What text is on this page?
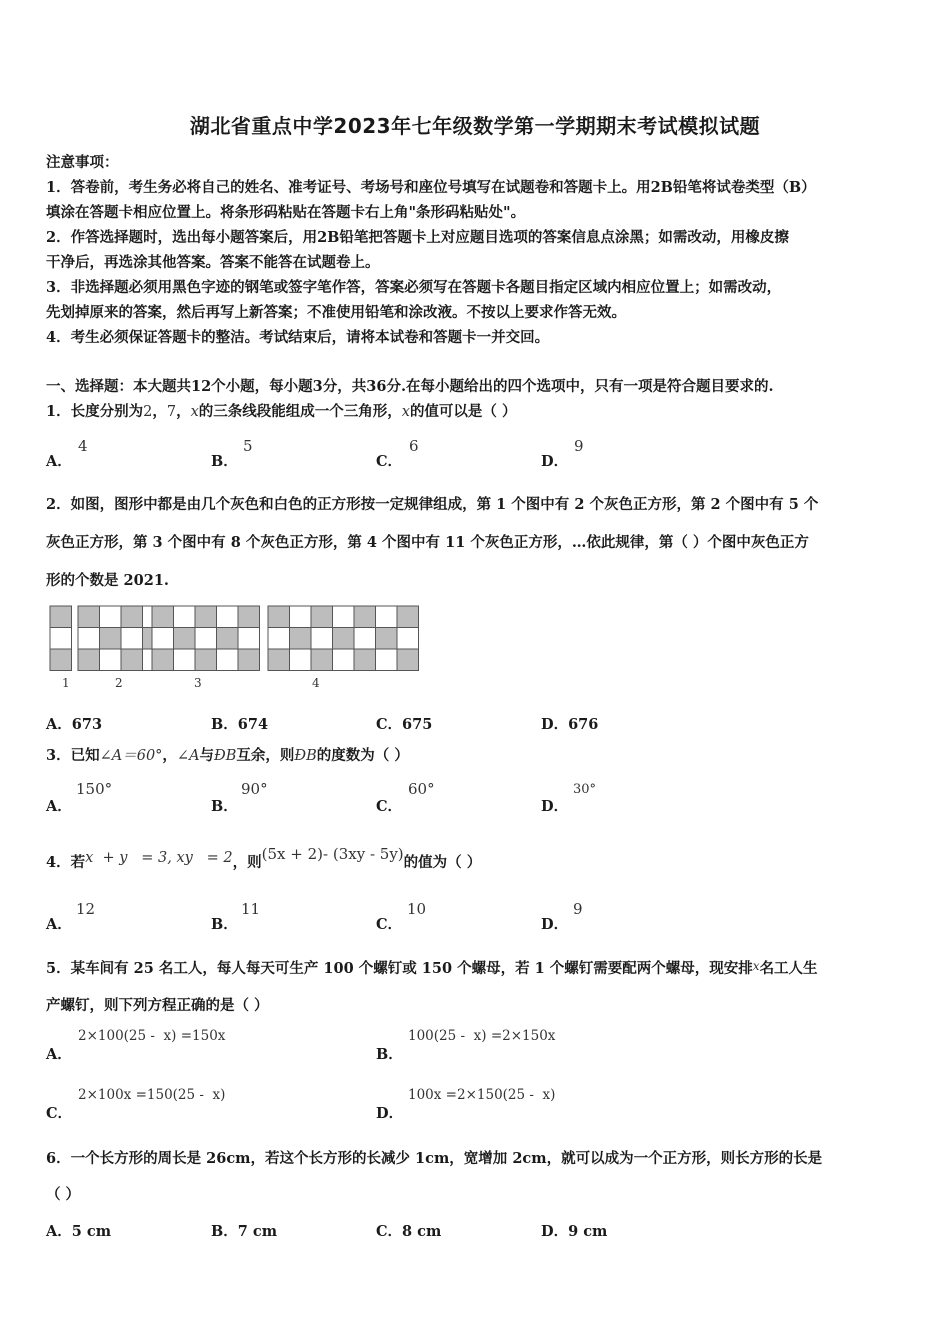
湖北省重点中学2023年七年级数学第一学期期末考试模拟试题
注意事项：
1．答卷前，考生务必将自己的姓名、准考证号、考场号和座位号填写在试题卷和答题卡上。用2B铅笔将试卷类型（B）
填涂在答题卡相应位置上。将条形码粘贴在答题卡右上角"条形码粘贴处"。
2．作答选择题时，选出每小题答案后，用2B铅笔把答题卡上对应题目选项的答案信息点涂黑；如需改动，用橡皮擦
干净后，再选涂其他答案。答案不能答在试题卷上。
3．非选择题必须用黑色字迹的钢笔或签字笔作答，答案必须写在答题卡各题目指定区域内相应位置上；如需改动，
先划掉原来的答案，然后再写上新答案；不准使用铅笔和涂改液。不按以上要求作答无效。
4．考生必须保证答题卡的整洁。考试结束后，请将本试卷和答题卡一并交回。
一、选择题：本大题共12个小题，每小题3分，共36分.在每小题给出的四个选项中，只有一项是符合题目要求的.
1．长度分别为2，7，x的三条线段能组成一个三角形，x的值可以是（ ）
A．
4
B．
5
C．
6
D．
9
2．如图，图形中都是由几个灰色和白色的正方形按一定规律组成，第 1 个图中有 2 个灰色正方形，第 2 个图中有 5 个
灰色正方形，第 3 个图中有 8 个灰色正方形，第 4 个图中有 11 个灰色正方形，…依此规律，第（ ）个图中灰色正方
形的个数是 2021.
1	2	3	4
A．673	B．674	C．675	D．676
3．已知∠A＝60°，∠A与ÐB互余，则ÐB的度数为（ ）
A．
150°
B．
90°
C．
60°
D．
30°
4．若x  + y   = 3, xy   = 2，则(5x + 2)- (3xy - 5y)的值为（ ）
A．
12
B．
11
C．
10
D．
9
5．某车间有 25 名工人，每人每天可生产 100 个螺钉或 150 个螺母，若 1 个螺钉需要配两个螺母，现安排$^x$名工人生
产螺钉，则下列方程正确的是（ ）
A．
2×100(25 -  x) =150x
B．
100(25 -  x) =2×150x
C．
2×100x =150(25 -  x)
D．
100x =2×150(25 -  x)
6．一个长方形的周长是 26cm，若这个长方形的长减少 1cm，宽增加 2cm，就可以成为一个正方形，则长方形的长是
（ ）
A．5 cm	B．7 cm	C．8 cm	D．9 cm
